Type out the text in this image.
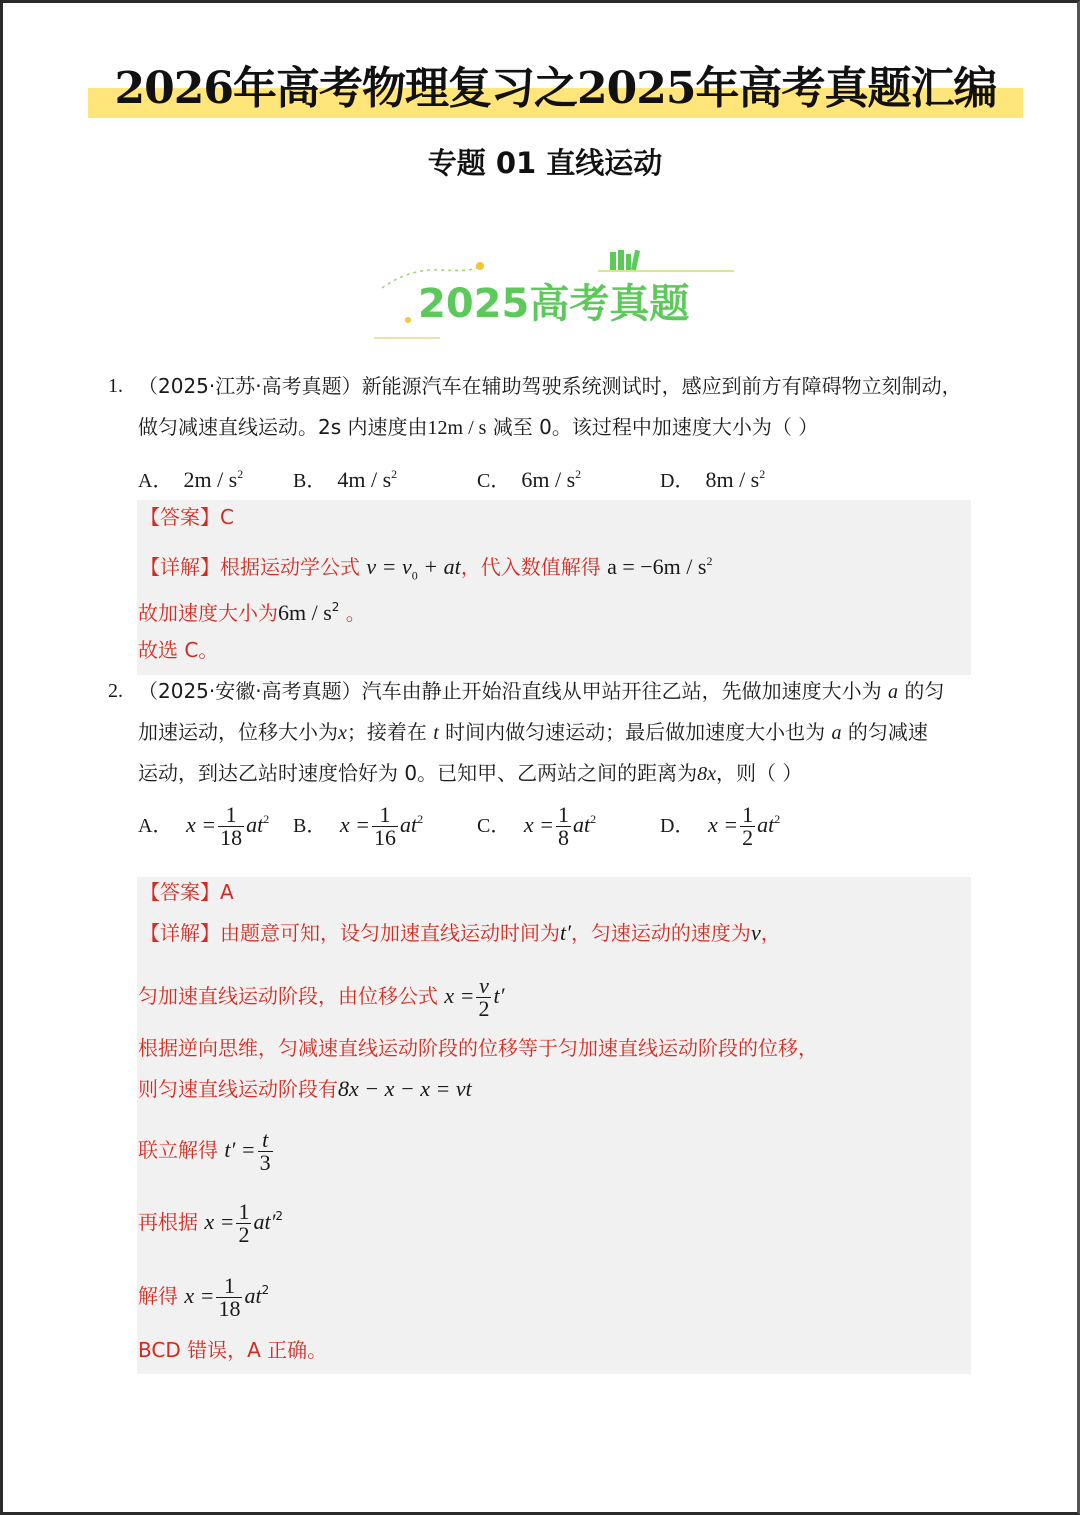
2026年高考物理复习之2025年高考真题汇编
专题 01 直线运动
2025高考真题
1. （2025·江苏·高考真题）新能源汽车在辅助驾驶系统测试时，感应到前方有障碍物立刻制动，
做匀减速直线运动。2s 内速度由12m / s 减至 0。该过程中加速度大小为（ ）
A． $2m / s^2$ B． $4m / s^2$	C． $6m / s^2$	D． $8m / s^2$
【答案】C
【详解】根据运动学公式 $v = v_0$ + at，代入数值解得 $a = -6m / s^2$
故加速度大小为$6m / s^2$ 。
故选 C。
2. （2025·安徽·高考真题）汽车由静止开始沿直线从甲站开往乙站，先做加速度大小为 a 的匀
加速运动，位移大小为x；接着在 t 时间内做匀速运动；最后做加速度大小也为 a 的匀减速
运动，到达乙站时速度恰好为 0。已知甲、乙两站之间的距离为8x，则（ ）
A． $x = \frac{1}{18} at^2$ B． $x = \frac{1}{16} at^2$	C． $x = \frac{1}{8} at^2$	D． $x = \frac{1}{2} at^2$
【答案】A
【详解】由题意可知，设匀加速直线运动时间为t′，匀速运动的速度为v，
匀加速直线运动阶段，由位移公式 $x = \frac{v}{2} t'$
根据逆向思维，匀减速直线运动阶段的位移等于匀加速直线运动阶段的位移，
则匀速直线运动阶段有8x − x − x = vt
联立解得 $t' = \frac{t}{3}$
再根据 $x = \frac{1}{2} at'^2$
解得 $x = \frac{1}{18} at^2$
BCD 错误，A 正确。
